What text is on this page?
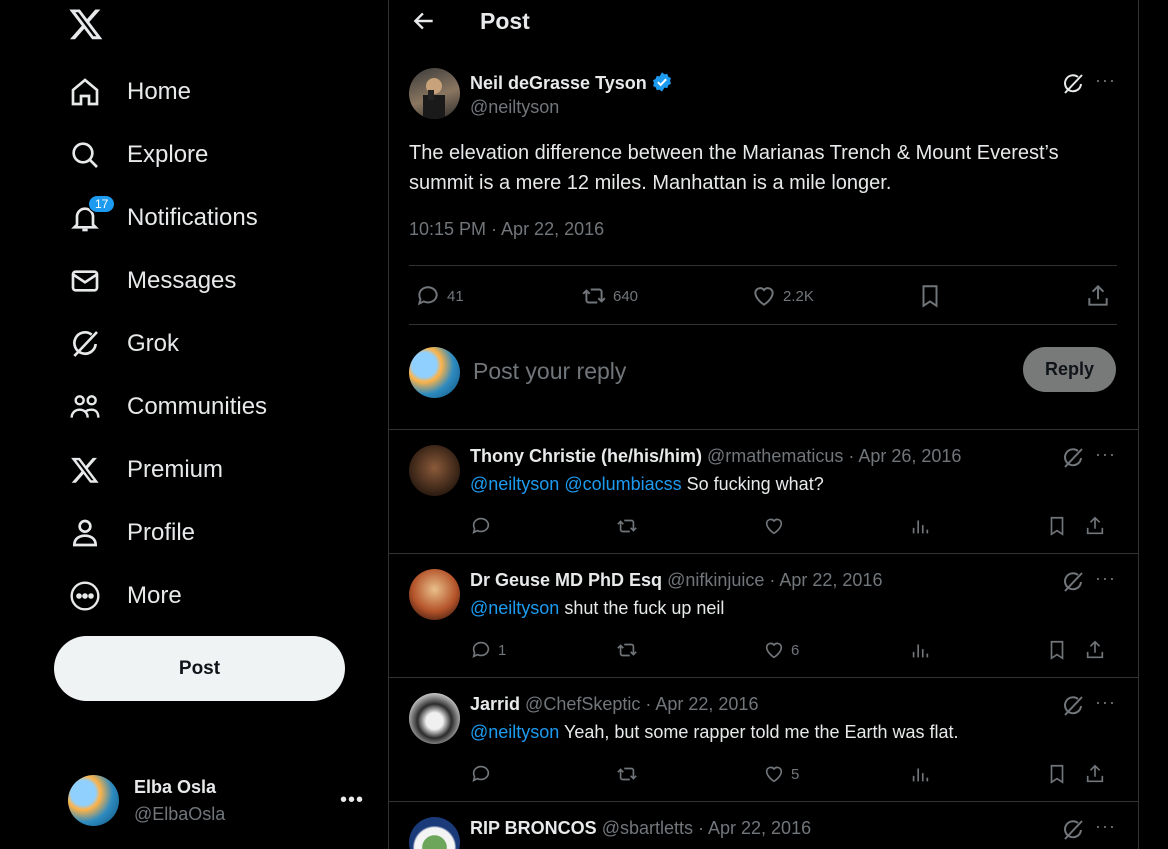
Home
Explore
17 Notifications
Messages
Grok
Communities
Premium
Profile
More
Post
Elba Osla
@ElbaOsla
•••
Post
Neil deGrasse Tyson
@neiltyson
···
The elevation difference between the Marianas Trench & Mount Everest’s summit is a mere 12 miles. Manhattan is a mile longer.
10:15 PM · Apr 22, 2016
41	640	2.2K
Post your reply
Reply
Thony Christie (he/his/him) @rmathematicus · Apr 26, 2016	···
@neiltyson @columbiacss So fucking what?
Dr Geuse MD PhD Esq @nifkinjuice · Apr 22, 2016	···
@neiltyson shut the fuck up neil
1	6
Jarrid @ChefSkeptic · Apr 22, 2016	···
@neiltyson Yeah, but some rapper told me the Earth was flat.
5
RIP BRONCOS @sbartletts · Apr 22, 2016	···
